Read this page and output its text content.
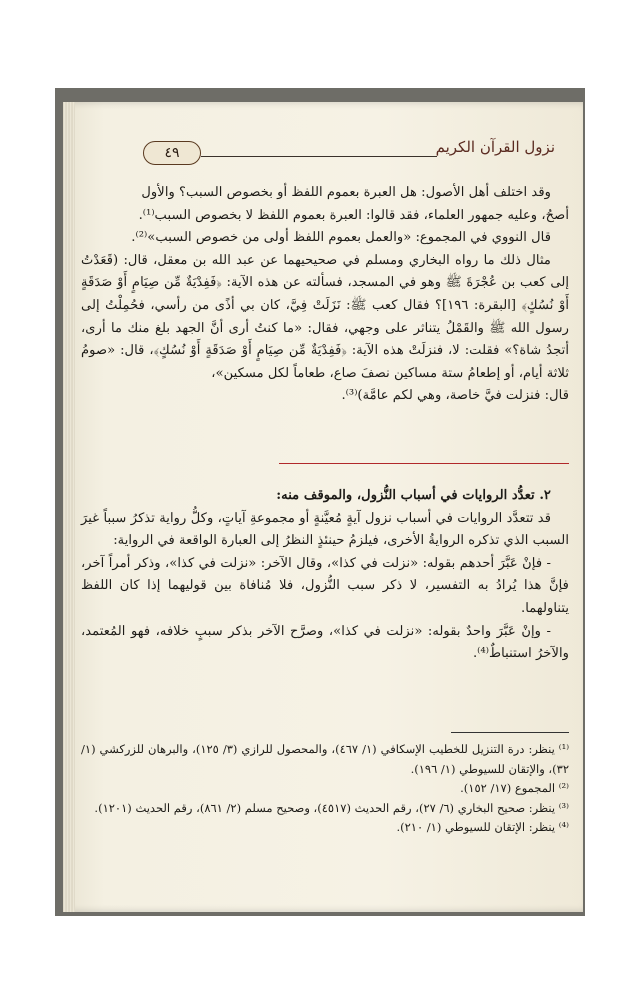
نزول القرآن الكريم
٤٩

وقد اختلف أهل الأصول: هل العبرة بعموم اللفظ أو بخصوص السبب؟ والأول

أصحُ، وعليه جمهور العلماء، فقد قالوا: العبرة بعموم اللفظ لا بخصوص السبب⁽¹⁾.

قال النووي في المجموع: «والعمل بعموم اللفظ أولى من خصوص السبب»⁽²⁾.

مثال ذلك ما رواه البخاري ومسلم في صحيحيهما عن عبد الله بن معقل، قال: (قَعَدْتُ إلى كعب بن عُجْرَةَ ﷺ وهو في المسجد، فسألته عن هذه الآية: ﴿فَفِدْيَةٌ مِّن صِيَامٍ أَوْ صَدَقَةٍ أَوْ نُسُكٍ﴾ [البقرة: ١٩٦]؟ فقال كعب ﷺ: نَزَلَتْ فِيَّ، كان بي أذًى من رأسي، فحُمِلْتُ إلى رسول الله ﷺ والقَمْلُ يتناثر على وجهي، فقال: «ما كنتُ أرى أنَّ الجهد بلغ منك ما أرى، أتجدُ شاة؟» فقلت: لا، فنزلَتْ هذه الآية: ﴿فَفِدْيَةٌ مِّن صِيَامٍ أَوْ صَدَقَةٍ أَوْ نُسُكٍ﴾، قال: «صومُ ثلاثة أيام، أو إطعامُ ستة مساكين نصفَ صاع، طعاماً لكل مسكين»،

قال: فنزلت فيَّ خاصة، وهي لكم عامَّة)⁽³⁾.

٢. تعدُّد الروايات في أسباب النُّزول، والموقف منه:

قد تتعدَّد الروايات في أسباب نزول آيةٍ مُعيَّنةٍ أو مجموعةِ آياتٍ، وكلُّ رواية تذكرُ سبباً غيرَ السبب الذي تذكره الروايةُ الأخرى، فيلزمُ حينئذٍ النظرُ إلى العبارة الواقعة في الرواية:

- فإنْ عَبَّرَ أحدهم بقوله: «نزلت في كذا»، وقال الآخر: «نزلت في كذا»، وذكر أمراً آخر، فإنَّ هذا يُرادُ به التفسير، لا ذكر سبب النُّزول، فلا مُنافاة بين قوليهما إذا كان اللفظ يتناولهما.

- وإنْ عَبَّرَ واحدٌ بقوله: «نزلت في كذا»، وصرَّح الآخر بذكر سببٍ خلافه، فهو المُعتمد، والآخرُ استنباطٌ⁽⁴⁾.

⁽¹⁾ ينظر: درة التنزيل للخطيب الإسكافي (١/ ٤٦٧)، والمحصول للرازي (٣/ ١٢٥)، والبرهان للزركشي (١/ ٣٢)، والإتقان للسيوطي (١/ ١٩٦).

⁽²⁾ المجموع (١٧/ ١٥٢).

⁽³⁾ ينظر: صحيح البخاري (٦/ ٢٧)، رقم الحديث (٤٥١٧)، وصحيح مسلم (٢/ ٨٦١)، رقم الحديث (١٢٠١).

⁽⁴⁾ ينظر: الإتقان للسيوطي (١/ ٢١٠).
